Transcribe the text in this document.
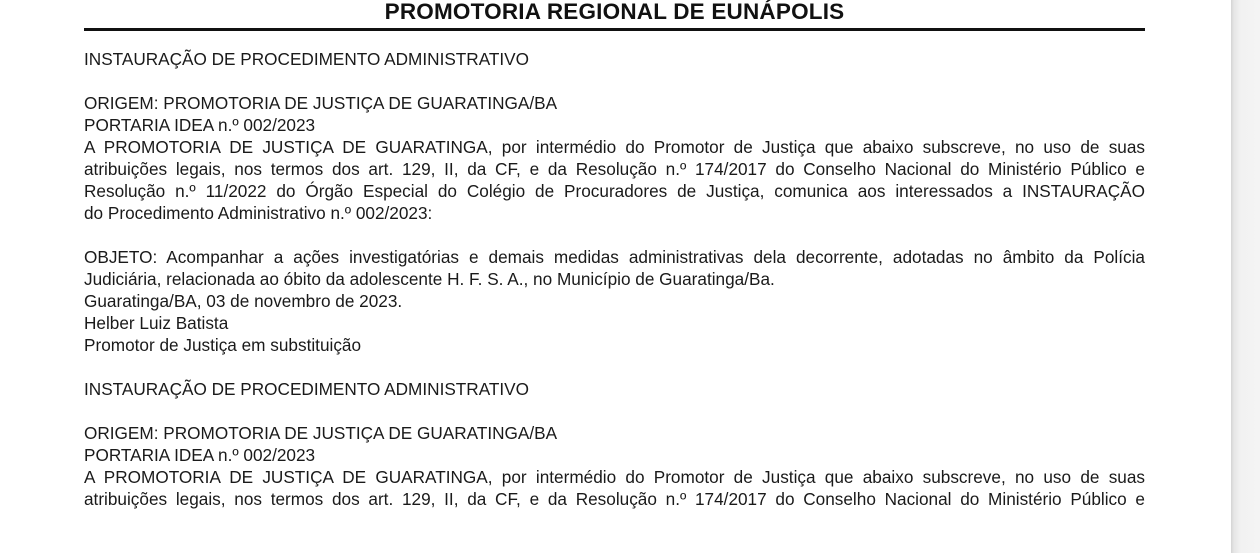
PROMOTORIA REGIONAL DE EUNÁPOLIS
INSTAURAÇÃO DE PROCEDIMENTO ADMINISTRATIVO
ORIGEM: PROMOTORIA DE JUSTIÇA DE GUARATINGA/BA
PORTARIA IDEA n.º 002/2023
A PROMOTORIA DE JUSTIÇA DE GUARATINGA, por intermédio do Promotor de Justiça que abaixo subscreve, no uso de suas
atribuições legais, nos termos dos art. 129, II, da CF, e da Resolução n.º 174/2017 do Conselho Nacional do Ministério Público e
Resolução n.º 11/2022 do Órgão Especial do Colégio de Procuradores de Justiça, comunica aos interessados a INSTAURAÇÃO
do Procedimento Administrativo n.º 002/2023:
OBJETO: Acompanhar a ações investigatórias e demais medidas administrativas dela decorrente, adotadas no âmbito da Polícia
Judiciária, relacionada ao óbito da adolescente H. F. S. A., no Município de Guaratinga/Ba.
Guaratinga/BA, 03 de novembro de 2023.
Helber Luiz Batista
Promotor de Justiça em substituição
INSTAURAÇÃO DE PROCEDIMENTO ADMINISTRATIVO
ORIGEM: PROMOTORIA DE JUSTIÇA DE GUARATINGA/BA
PORTARIA IDEA n.º 002/2023
A PROMOTORIA DE JUSTIÇA DE GUARATINGA, por intermédio do Promotor de Justiça que abaixo subscreve, no uso de suas
atribuições legais, nos termos dos art. 129, II, da CF, e da Resolução n.º 174/2017 do Conselho Nacional do Ministério Público e
